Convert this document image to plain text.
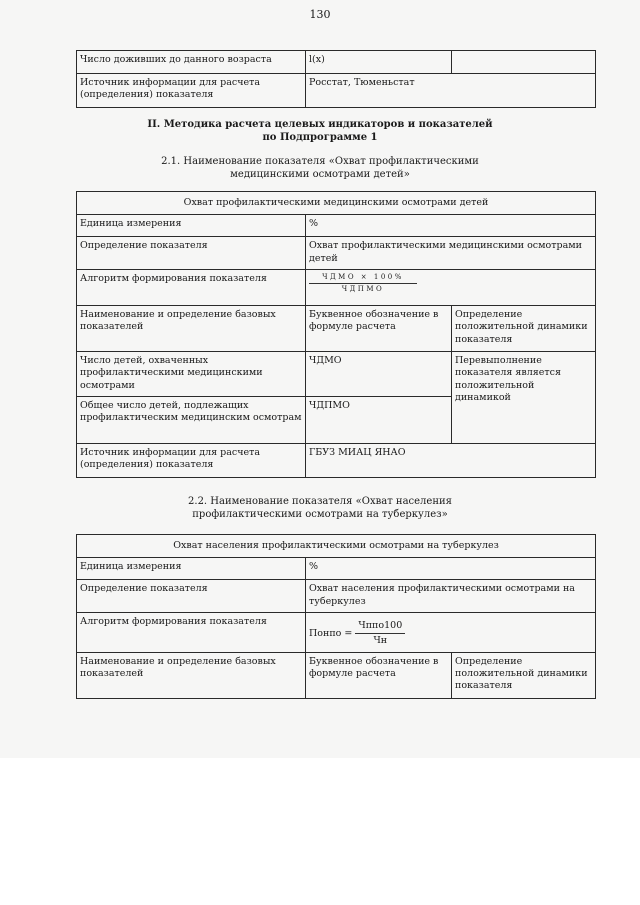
130
Число доживших до данного возраста	l(x)	
Источник информации для расчета (определения) показателя	Росстат, Тюменьстат	
II. Методика расчета целевых индикаторов и показателей
по Подпрограмме 1
2.1. Наименование показателя «Охват профилактическими
медицинскими осмотрами детей»
Охват профилактическими медицинскими осмотрами детей		
Единица измерения	%	
Определение показателя	Охват профилактическими медицинскими осмотрами детей	
Алгоритм формирования показателя	ЧДМО × 100%
ЧДПМО	

Наименование и определение базовых показателей	Буквенное обозначение в формуле расчета	Определение положительной динамики показателя
Число детей, охваченных профилактическими медицинскими осмотрами	ЧДМО	Перевыполнение показателя является положительной динамикой
Общее число детей, подлежащих профилактическим медицинским осмотрам	ЧДПМО	
Источник информации для расчета (определения) показателя	ГБУЗ МИАЦ ЯНАО	
2.2. Наименование показателя «Охват населения
профилактическими осмотрами на туберкулез»
Охват населения профилактическими осмотрами на туберкулез		
Единица измерения	%	
Определение показателя	Охват населения профилактическими осмотрами на туберкулез	
Алгоритм формирования показателя	Понпо = $\frac{\text{Чппо100}}{Чн}$

Наименование и определение базовых показателей	Буквенное обозначение в формуле расчета	Определение положительной динамики показателя
